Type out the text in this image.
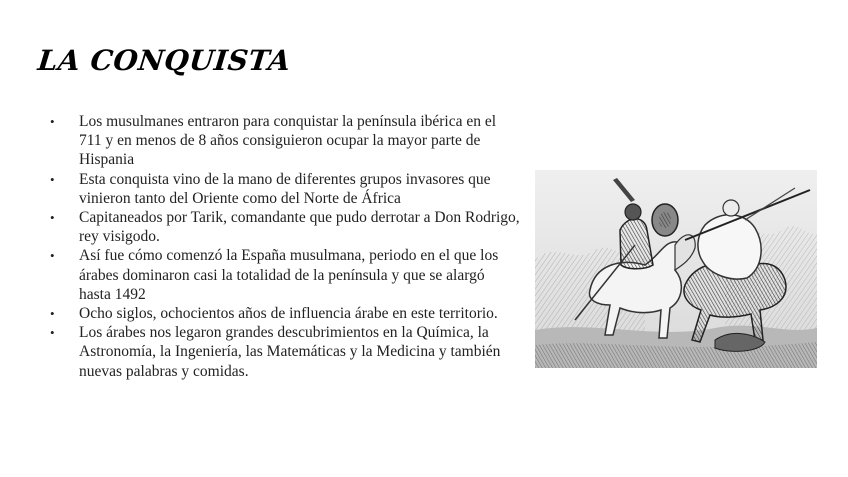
LA CONQUISTA
• Los musulmanes entraron para conquistar la península ibérica en el 711 y en menos de 8 años consiguieron ocupar la mayor parte de Hispania
• Esta conquista vino de la mano de diferentes grupos invasores que vinieron tanto del Oriente como del Norte de África
• Capitaneados por Tarik, comandante que pudo derrotar a Don Rodrigo, rey visigodo.
• Así fue cómo comenzó la España musulmana, periodo en el que los árabes dominaron casi la totalidad de la península y que se alargó hasta 1492
• Ocho siglos, ochocientos años de influencia árabe en este territorio.
• Los árabes nos legaron grandes descubrimientos en la Química, la Astronomía, la Ingeniería, las Matemáticas y la Medicina y también nuevas palabras y comidas.
